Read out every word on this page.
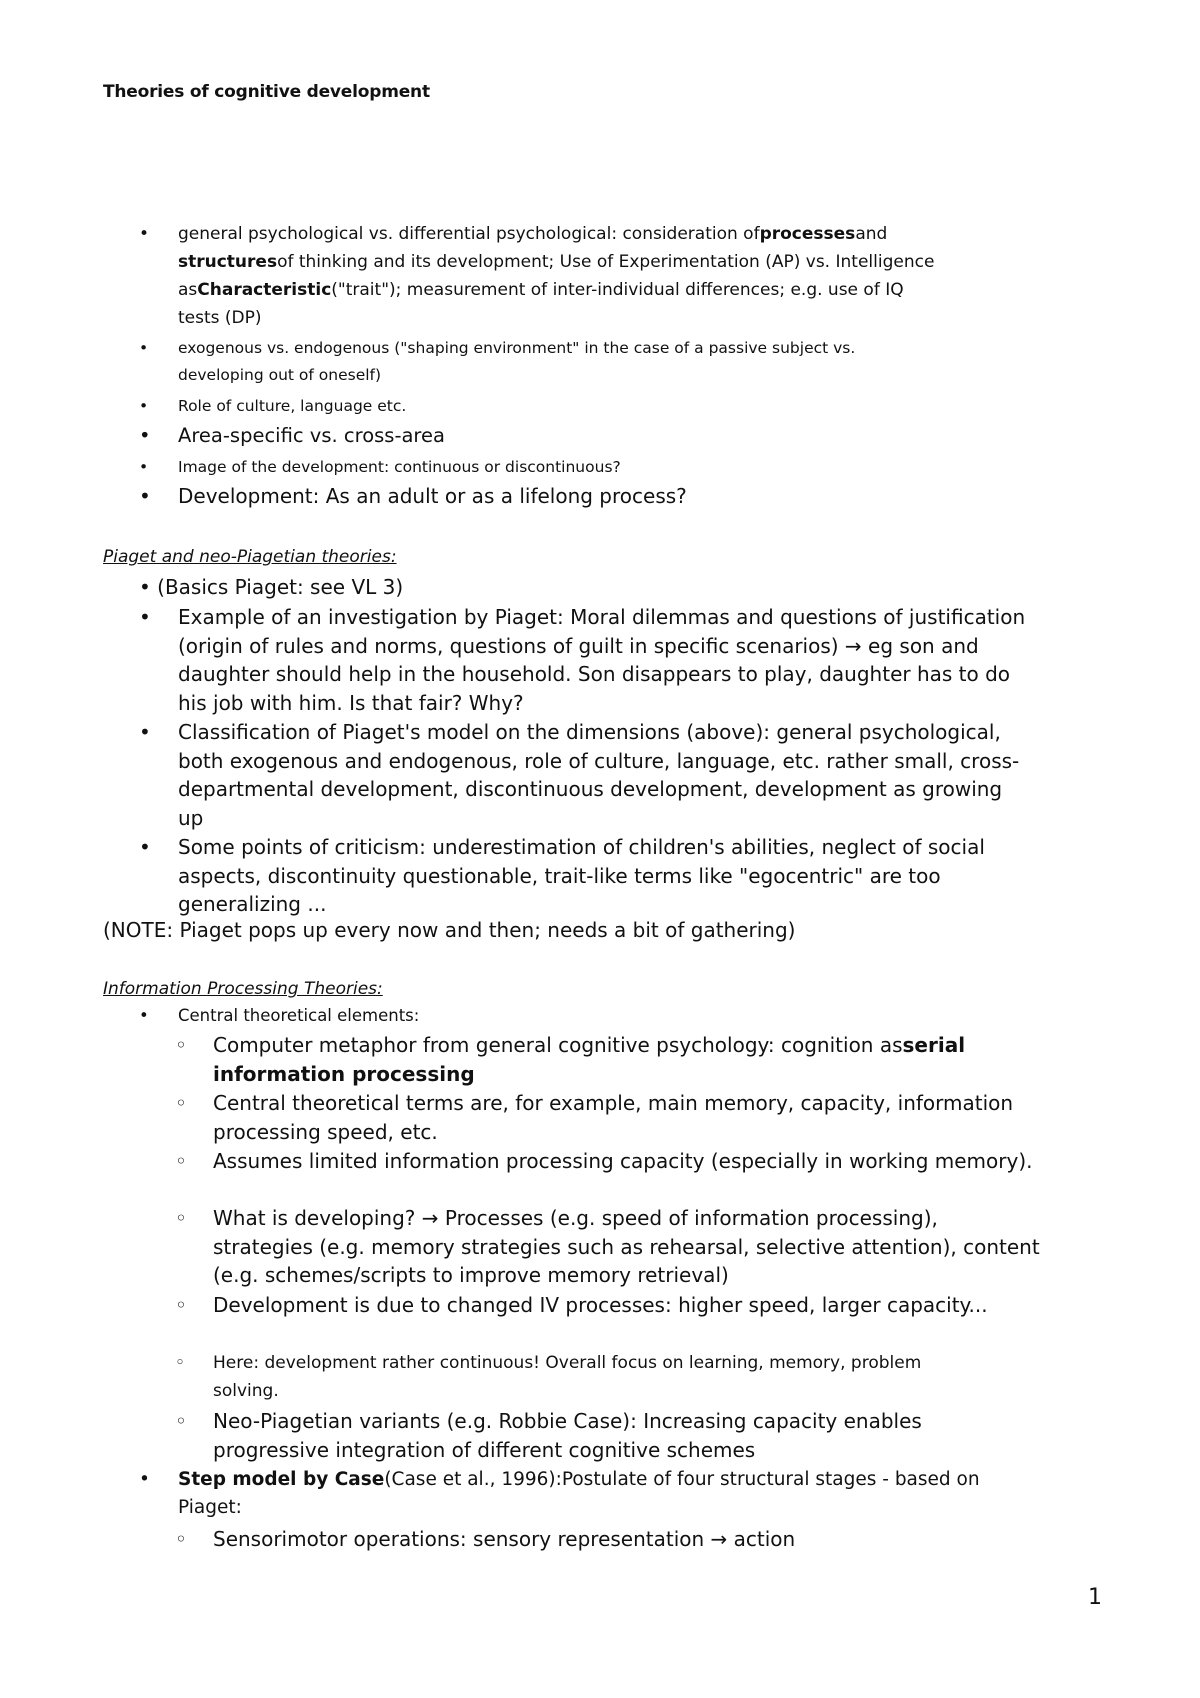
Theories of cognitive development
• general psychological vs. differential psychological: consideration ofprocessesand
structuresof thinking and its development; Use of Experimentation (AP) vs. Intelligence
asCharacteristic("trait"); measurement of inter-individual differences; e.g. use of IQ
tests (DP)
• exogenous vs. endogenous ("shaping environment" in the case of a passive subject vs.
developing out of oneself)
• Role of culture, language etc.
• Area-specific vs. cross-area
• Image of the development: continuous or discontinuous?
• Development: As an adult or as a lifelong process?
Piaget and neo-Piagetian theories:
• (Basics Piaget: see VL 3)
• Example of an investigation by Piaget: Moral dilemmas and questions of justification
(origin of rules and norms, questions of guilt in specific scenarios) → eg son and
daughter should help in the household. Son disappears to play, daughter has to do
his job with him. Is that fair? Why?
• Classification of Piaget's model on the dimensions (above): general psychological,
both exogenous and endogenous, role of culture, language, etc. rather small, cross-
departmental development, discontinuous development, development as growing
up
• Some points of criticism: underestimation of children's abilities, neglect of social
aspects, discontinuity questionable, trait-like terms like "egocentric" are too
generalizing ...
(NOTE: Piaget pops up every now and then; needs a bit of gathering)
Information Processing Theories:
• Central theoretical elements:
◦ Computer metaphor from general cognitive psychology: cognition asserial
information processing
◦ Central theoretical terms are, for example, main memory, capacity, information
processing speed, etc.
◦ Assumes limited information processing capacity (especially in working memory).
◦ What is developing? → Processes (e.g. speed of information processing),
strategies (e.g. memory strategies such as rehearsal, selective attention), content
(e.g. schemes/scripts to improve memory retrieval)
◦ Development is due to changed IV processes: higher speed, larger capacity...
◦ Here: development rather continuous! Overall focus on learning, memory, problem
solving.
◦ Neo-Piagetian variants (e.g. Robbie Case): Increasing capacity enables
progressive integration of different cognitive schemes
• Step model by Case(Case et al., 1996):Postulate of four structural stages - based on
Piaget:
◦ Sensorimotor operations: sensory representation → action
1
